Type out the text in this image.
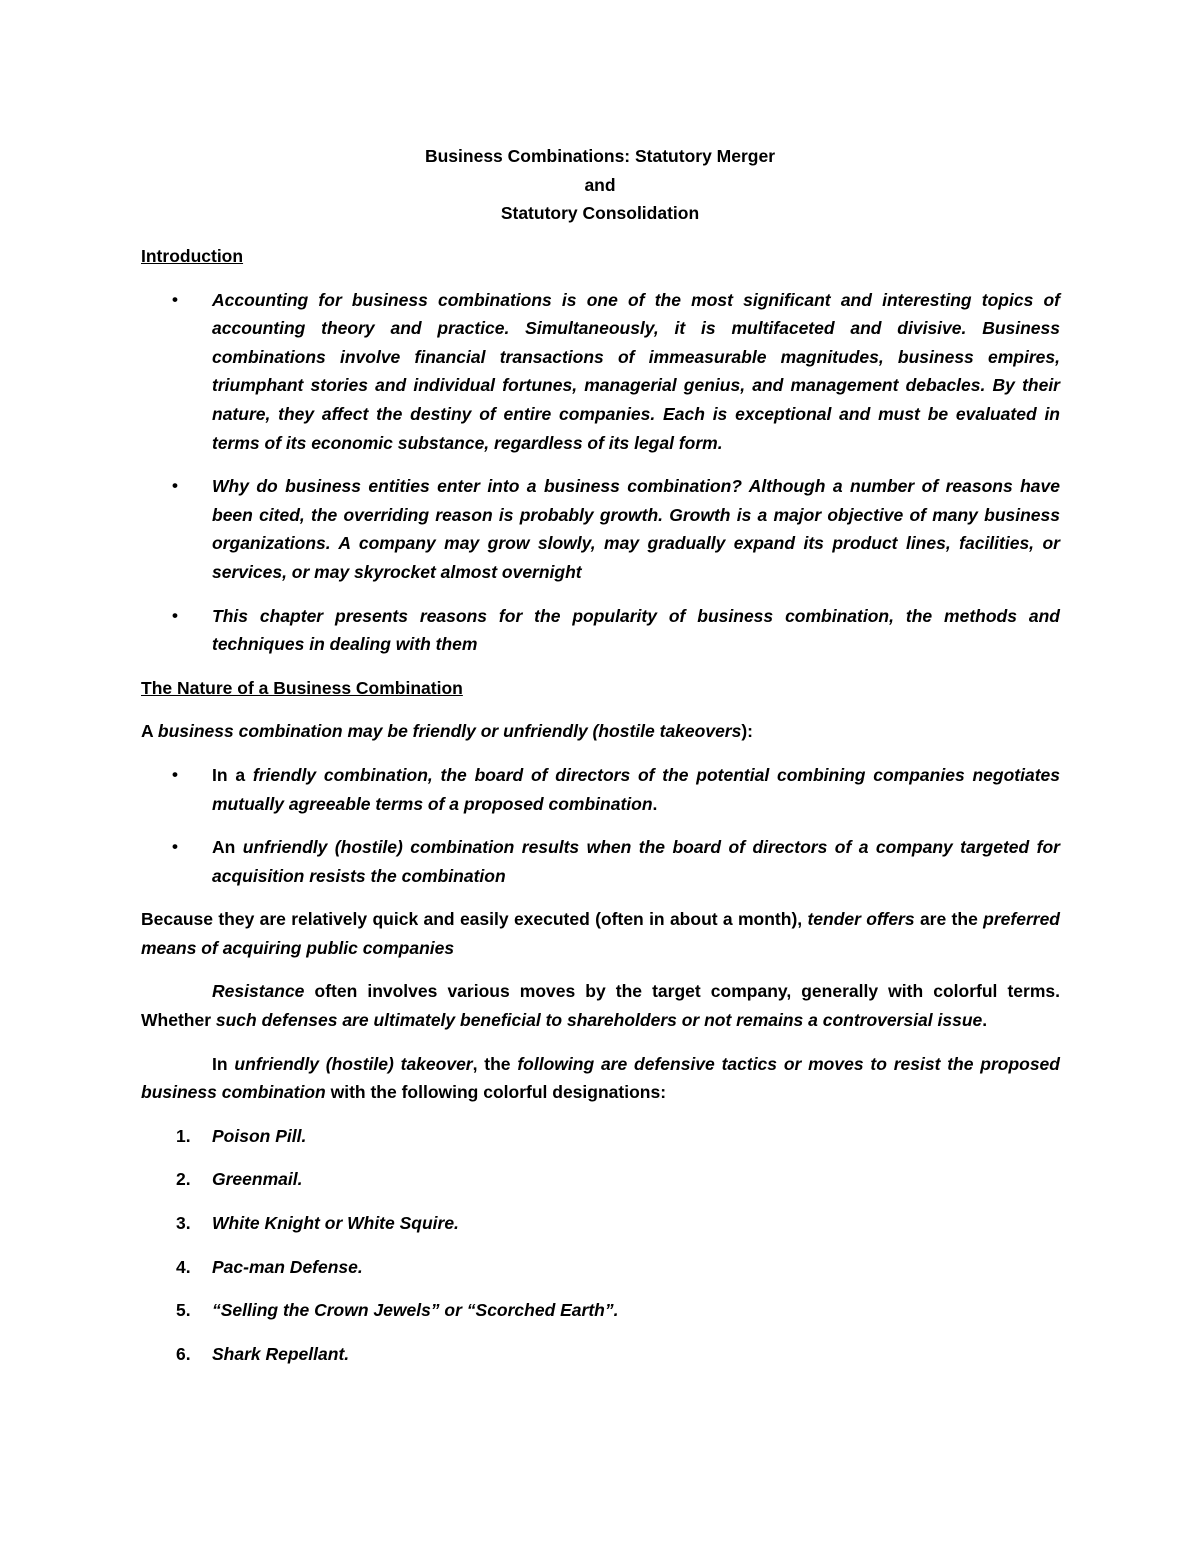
Business Combinations: Statutory Merger
and
Statutory Consolidation
Introduction
• Accounting for business combinations is one of the most significant and interesting topics of accounting theory and practice. Simultaneously, it is multifaceted and divisive. Business combinations involve financial transactions of immeasurable magnitudes, business empires, triumphant stories and individual fortunes, managerial genius, and management debacles. By their nature, they affect the destiny of entire companies. Each is exceptional and must be evaluated in terms of its economic substance, regardless of its legal form.
• Why do business entities enter into a business combination? Although a number of reasons have been cited, the overriding reason is probably growth. Growth is a major objective of many business organizations. A company may grow slowly, may gradually expand its product lines, facilities, or services, or may skyrocket almost overnight
• This chapter presents reasons for the popularity of business combination, the methods and techniques in dealing with them
The Nature of a Business Combination

A business combination may be friendly or unfriendly (hostile takeovers):

• In a friendly combination, the board of directors of the potential combining companies negotiates mutually agreeable terms of a proposed combination.
• An unfriendly (hostile) combination results when the board of directors of a company targeted for acquisition resists the combination

Because they are relatively quick and easily executed (often in about a month), tender offers are the preferred means of acquiring public companies

Resistance often involves various moves by the target company, generally with colorful terms. Whether such defenses are ultimately beneficial to shareholders or not remains a controversial issue.

In unfriendly (hostile) takeover, the following are defensive tactics or moves to resist the proposed business combination with the following colorful designations:

1. Poison Pill.
2. Greenmail.
3. White Knight or White Squire.
4. Pac-man Defense.
5. “Selling the Crown Jewels” or “Scorched Earth”.
6. Shark Repellant.
